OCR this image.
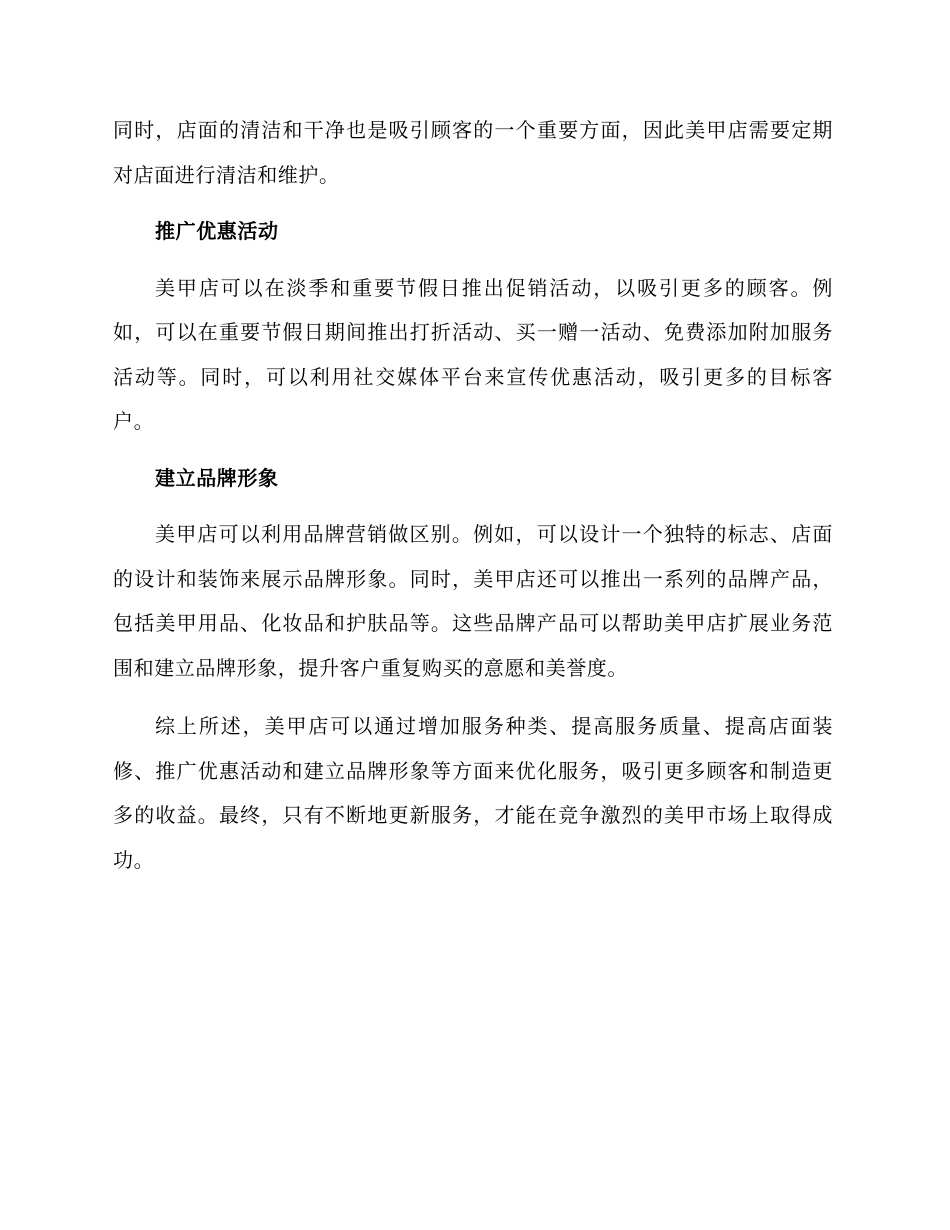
同时，店面的清洁和干净也是吸引顾客的一个重要方面，因此美甲店需要定期对店面进行清洁和维护。

推广优惠活动

美甲店可以在淡季和重要节假日推出促销活动，以吸引更多的顾客。例如，可以在重要节假日期间推出打折活动、买一赠一活动、免费添加附加服务活动等。同时，可以利用社交媒体平台来宣传优惠活动，吸引更多的目标客户。

建立品牌形象

美甲店可以利用品牌营销做区别。例如，可以设计一个独特的标志、店面的设计和装饰来展示品牌形象。同时，美甲店还可以推出一系列的品牌产品，包括美甲用品、化妆品和护肤品等。这些品牌产品可以帮助美甲店扩展业务范围和建立品牌形象，提升客户重复购买的意愿和美誉度。

综上所述，美甲店可以通过增加服务种类、提高服务质量、提高店面装修、推广优惠活动和建立品牌形象等方面来优化服务，吸引更多顾客和制造更多的收益。最终，只有不断地更新服务，才能在竞争激烈的美甲市场上取得成功。
